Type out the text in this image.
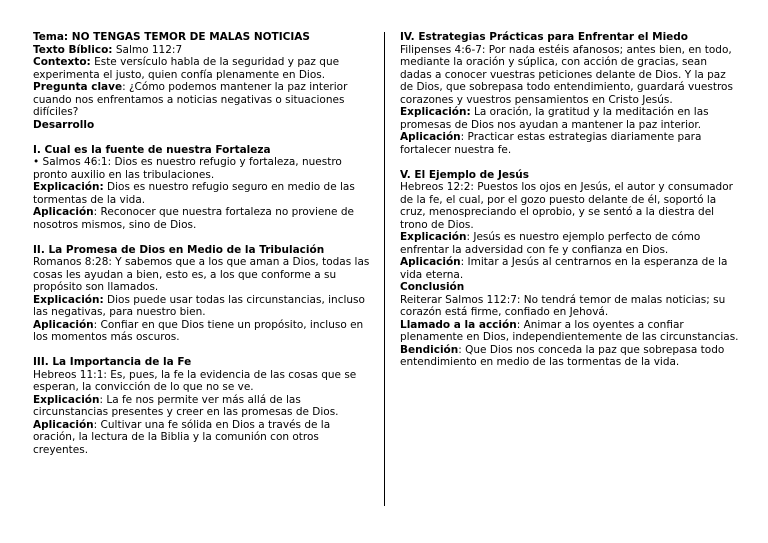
Tema: NO TENGAS TEMOR DE MALAS NOTICIAS

Texto Bíblico: Salmo 112:7

Contexto: Este versículo habla de la seguridad y paz que experimenta el justo, quien confía plenamente en Dios.

Pregunta clave: ¿Cómo podemos mantener la paz interior cuando nos enfrentamos a noticias negativas o situaciones difíciles?

Desarrollo

I. Cual es la fuente de nuestra Fortaleza

• Salmos 46:1: Dios es nuestro refugio y fortaleza, nuestro pronto auxilio en las tribulaciones.

Explicación: Dios es nuestro refugio seguro en medio de las tormentas de la vida.

Aplicación: Reconocer que nuestra fortaleza no proviene de nosotros mismos, sino de Dios.

II. La Promesa de Dios en Medio de la Tribulación

Romanos 8:28: Y sabemos que a los que aman a Dios, todas las cosas les ayudan a bien, esto es, a los que conforme a su propósito son llamados.

Explicación: Dios puede usar todas las circunstancias, incluso las negativas, para nuestro bien.

Aplicación: Confiar en que Dios tiene un propósito, incluso en los momentos más oscuros.

III. La Importancia de la Fe

Hebreos 11:1: Es, pues, la fe la evidencia de las cosas que se esperan, la convicción de lo que no se ve.

Explicación: La fe nos permite ver más allá de las circunstancias presentes y creer en las promesas de Dios.

Aplicación: Cultivar una fe sólida en Dios a través de la oración, la lectura de la Biblia y la comunión con otros creyentes.

IV. Estrategias Prácticas para Enfrentar el Miedo

Filipenses 4:6-7: Por nada estéis afanosos; antes bien, en todo, mediante la oración y súplica, con acción de gracias, sean dadas a conocer vuestras peticiones delante de Dios. Y la paz de Dios, que sobrepasa todo entendimiento, guardará vuestros corazones y vuestros pensamientos en Cristo Jesús.

Explicación: La oración, la gratitud y la meditación en las promesas de Dios nos ayudan a mantener la paz interior.

Aplicación: Practicar estas estrategias diariamente para fortalecer nuestra fe.

V. El Ejemplo de Jesús

Hebreos 12:2: Puestos los ojos en Jesús, el autor y consumador de la fe, el cual, por el gozo puesto delante de él, soportó la cruz, menospreciando el oprobio, y se sentó a la diestra del trono de Dios.

Explicación: Jesús es nuestro ejemplo perfecto de cómo enfrentar la adversidad con fe y confianza en Dios.

Aplicación: Imitar a Jesús al centrarnos en la esperanza de la vida eterna.

Conclusión

Reiterar Salmos 112:7: No tendrá temor de malas noticias; su corazón está firme, confiado en Jehová.

Llamado a la acción: Animar a los oyentes a confiar plenamente en Dios, independientemente de las circunstancias.

Bendición: Que Dios nos conceda la paz que sobrepasa todo entendimiento en medio de las tormentas de la vida.
